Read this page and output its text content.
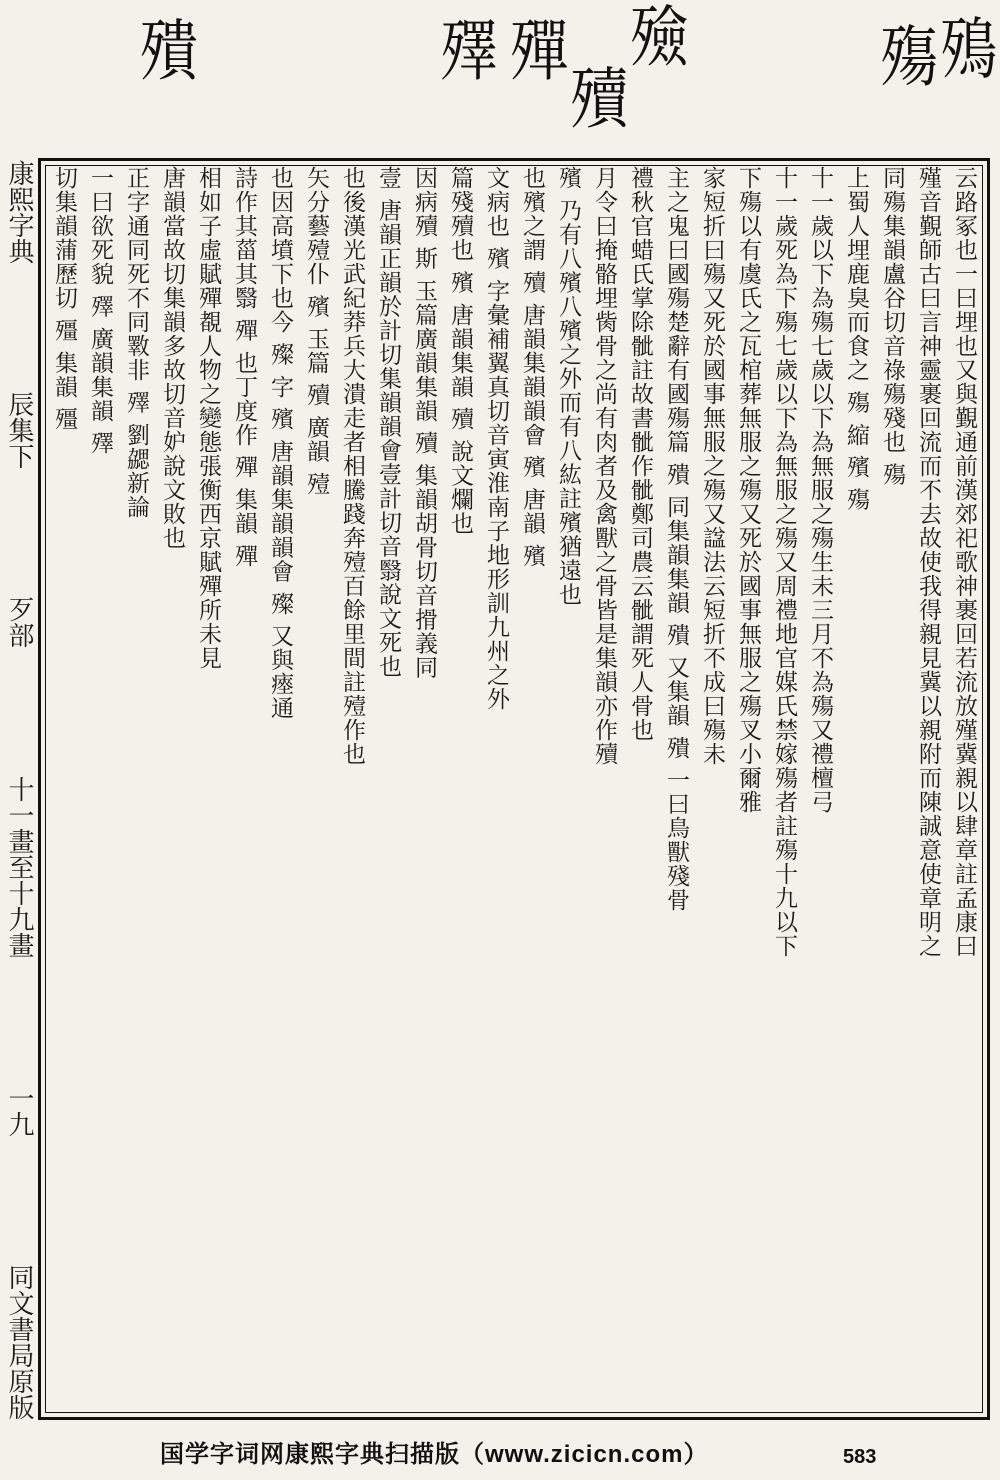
殦
殤
殮
殰
殫
殬
殨
康熙字典
辰集下
歹部
十一畫至十九畫
一九
同文書局原版
云路冢也一曰埋也又與覲通前漢郊祀歌神裹回若流放殣冀親以肆章註孟康曰
殣音覲師古曰言神靈裹回流而不去故使我得親見冀以親附而陳誠意使章明之
同殤集韻盧谷切音祿殤殘也 殤
上蜀人埋鹿臭而食之 殤 縮 殯 殤
十一歲以下為殤七歲以下為無服之殤生未三月不為殤又禮檀弓
十一歲死為下殤七歲以下為無服之殤又周禮地官媒氏禁嫁殤者註殤十九以下
下殤以有虞氏之瓦棺葬無服之殤又死於國事無服之殤叉小爾雅
家短折曰殤又死於國事無服之殤又諡法云短折不成曰殤未
主之鬼曰國殤楚辭有國殤篇 殨 同集韻集韻 殨 又集韻 殨 一曰鳥獸殘骨
禮秋官蜡氏掌除骴註故書骴作骴鄭司農云骴謂死人骨也
月令曰掩骼埋胔骨之尚有肉者及禽獸之骨皆是集韻亦作殰
殯 乃有八殯八殯之外而有八紘註殯猶遠也
也殯之謂 殰 唐韻集韻韻會 殯 唐韻 殯
文病也 殯 字彙補翼真切音寅淮南子地形訓九州之外
篇殘殰也 殯 唐韻集韻 殰 說文爛也
因病殰 斯 玉篇廣韻集韻 殰 集韻胡骨切音搰義同
壹 唐韻正韻於計切集韻韻會壹計切音翳說文死也
也後漢光武紀莽兵大潰走者相騰踐奔殪百餘里間註殪作也
矢分藝殪仆 殯 玉篇 殰 廣韻 殪
也因高墳下也今 殩 字 殯 唐韻集韻韻會 殩 又與瘞通
詩作其菑其翳 殫 也丁度作 殫 集韻 殫
相如子虛賦殫覩人物之變態張衡西京賦殫所未見
唐韻當故切集韻多故切音妒說文敗也
正字通同死不同斁非 殬 劉勰新論
一曰欲死貌 殬 廣韻集韻 殬
切集韻蒲歷切 殭 集韻 殭
国学字词网康熙字典扫描版（www.zicicn.com）	583
